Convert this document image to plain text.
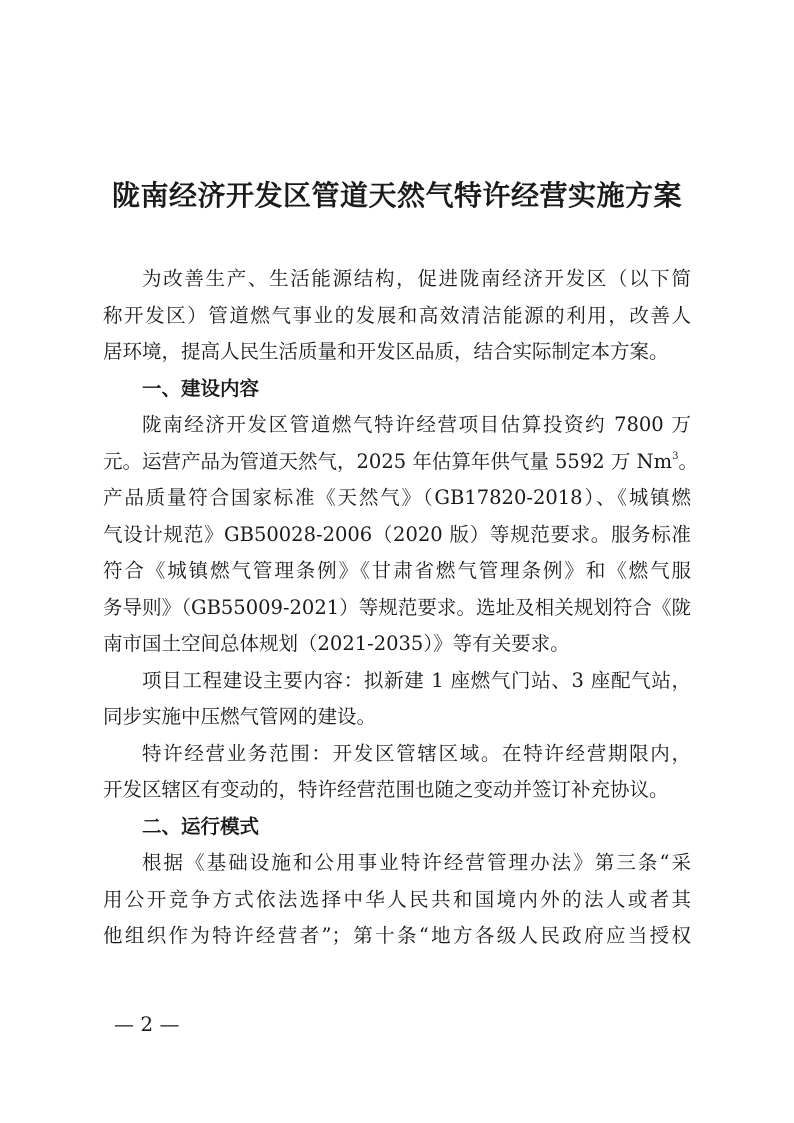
陇南经济开发区管道天然气特许经营实施方案

为改善生产、生活能源结构，促进陇南经济开发区（以下简
称开发区）管道燃气事业的发展和高效清洁能源的利用，改善人
居环境，提高人民生活质量和开发区品质，结合实际制定本方案。

一、建设内容

陇南经济开发区管道燃气特许经营项目估算投资约 7800 万
元。运营产品为管道天然气，2025 年估算年供气量 5592 万 Nm$^3$。
产品质量符合国家标准《天然气》（GB17820-2018）、《城镇燃
气设计规范》GB50028-2006（2020 版）等规范要求。服务标准
符合《城镇燃气管理条例》《甘肃省燃气管理条例》和《燃气服
务导则》（GB55009-2021）等规范要求。选址及相关规划符合《陇
南市国土空间总体规划（2021-2035）》等有关要求。

项目工程建设主要内容：拟新建 1 座燃气门站、3 座配气站，
同步实施中压燃气管网的建设。

特许经营业务范围：开发区管辖区域。在特许经营期限内，
开发区辖区有变动的，特许经营范围也随之变动并签订补充协议。

二、运行模式

根据《基础设施和公用事业特许经营管理办法》第三条“采
用公开竞争方式依法选择中华人民共和国境内外的法人或者其
他组织作为特许经营者”；第十条“地方各级人民政府应当授权

— 2 —
